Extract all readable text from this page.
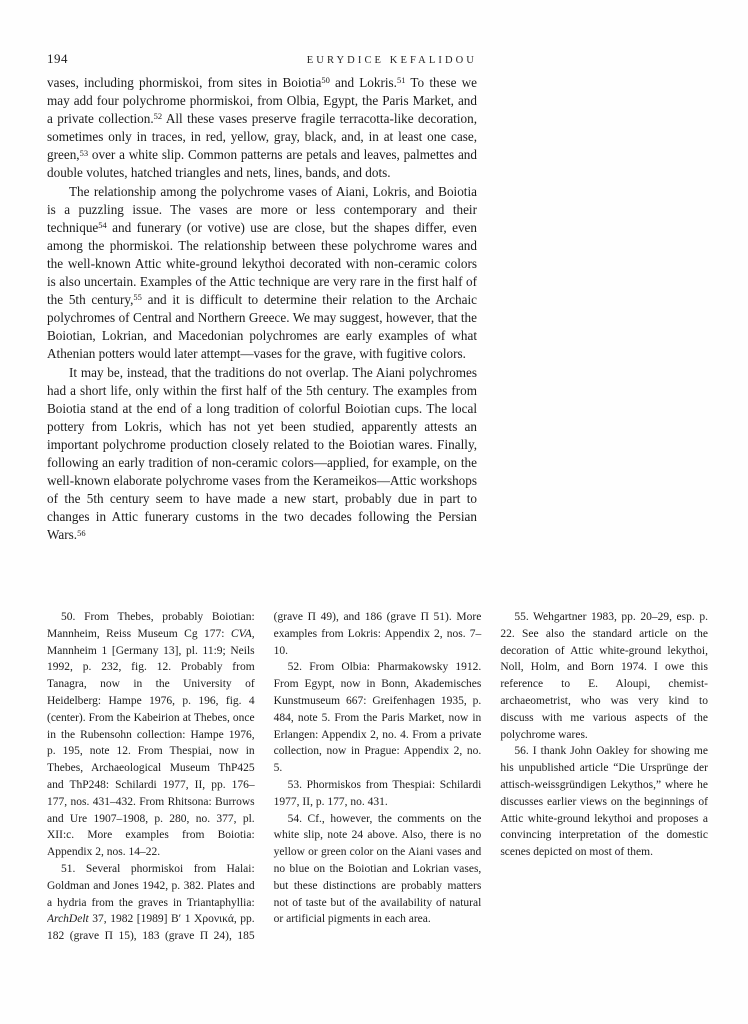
194	EURYDICE KEFALIDOU

vases, including phormiskoi, from sites in Boiotia$^{50}$ and Lokris.$^{51}$ To these we may add four polychrome phormiskoi, from Olbia, Egypt, the Paris Market, and a private collection.$^{52}$ All these vases preserve fragile terracotta-like decoration, sometimes only in traces, in red, yellow, gray, black, and, in at least one case, green,$^{53}$ over a white slip. Common patterns are petals and leaves, palmettes and double volutes, hatched triangles and nets, lines, bands, and dots.

The relationship among the polychrome vases of Aiani, Lokris, and Boiotia is a puzzling issue. The vases are more or less contemporary and their technique$^{54}$ and funerary (or votive) use are close, but the shapes differ, even among the phormiskoi. The relationship between these polychrome wares and the well-known Attic white-ground lekythoi decorated with non-ceramic colors is also uncertain. Examples of the Attic technique are very rare in the first half of the 5th century,$^{55}$ and it is difficult to determine their relation to the Archaic polychromes of Central and Northern Greece. We may suggest, however, that the Boiotian, Lokrian, and Macedonian polychromes are early examples of what Athenian potters would later attempt—vases for the grave, with fugitive colors.

It may be, instead, that the traditions do not overlap. The Aiani polychromes had a short life, only within the first half of the 5th century. The examples from Boiotia stand at the end of a long tradition of colorful Boiotian cups. The local pottery from Lokris, which has not yet been studied, apparently attests an important polychrome production closely related to the Boiotian wares. Finally, following an early tradition of non-ceramic colors—applied, for example, on the well-known elaborate polychrome vases from the Kerameikos—Attic workshops of the 5th century seem to have made a new start, probably due in part to changes in Attic funerary customs in the two decades following the Persian Wars.$^{56}$

50. From Thebes, probably Boiotian: Mannheim, Reiss Museum Cg 177: CVA, Mannheim 1 [Germany 13], pl. 11:9; Neils 1992, p. 232, fig. 12. Probably from Tanagra, now in the University of Heidelberg: Hampe 1976, p. 196, fig. 4 (center). From the Kabeirion at Thebes, once in the Rubensohn collection: Hampe 1976, p. 195, note 12. From Thespiai, now in Thebes, Archaeological Museum ThP425 and ThP248: Schilardi 1977, II, pp. 176–177, nos. 431–432. From Rhitsona: Burrows and Ure 1907–1908, p. 280, no. 377, pl. XII:c. More examples from Boiotia: Appendix 2, nos. 14–22.

51. Several phormiskoi from Halai: Goldman and Jones 1942, p. 382. Plates and a hydria from the graves in Triantaphyllia: ArchDelt 37, 1982 [1989] Β′ 1 Χρονικά, pp. 182 (grave Π 15), 183 (grave Π 24), 185 (grave Π 49), and 186 (grave Π 51). More examples from Lokris: Appendix 2, nos. 7–10.

52. From Olbia: Pharmakowsky 1912. From Egypt, now in Bonn, Akademisches Kunstmuseum 667: Greifenhagen 1935, p. 484, note 5. From the Paris Market, now in Erlangen: Appendix 2, no. 4. From a private collection, now in Prague: Appendix 2, no. 5.

53. Phormiskos from Thespiai: Schilardi 1977, II, p. 177, no. 431.

54. Cf., however, the comments on the white slip, note 24 above. Also, there is no yellow or green color on the Aiani vases and no blue on the Boiotian and Lokrian vases, but these distinctions are probably matters not of taste but of the availability of natural or artificial pigments in each area.

55. Wehgartner 1983, pp. 20–29, esp. p. 22. See also the standard article on the decoration of Attic white-ground lekythoi, Noll, Holm, and Born 1974. I owe this reference to E. Aloupi, chemist-archaeometrist, who was very kind to discuss with me various aspects of the polychrome wares.

56. I thank John Oakley for showing me his unpublished article “Die Ursprünge der attisch-weissgründigen Lekythos,” where he discusses earlier views on the beginnings of Attic white-ground lekythoi and proposes a convincing interpretation of the domestic scenes depicted on most of them.
